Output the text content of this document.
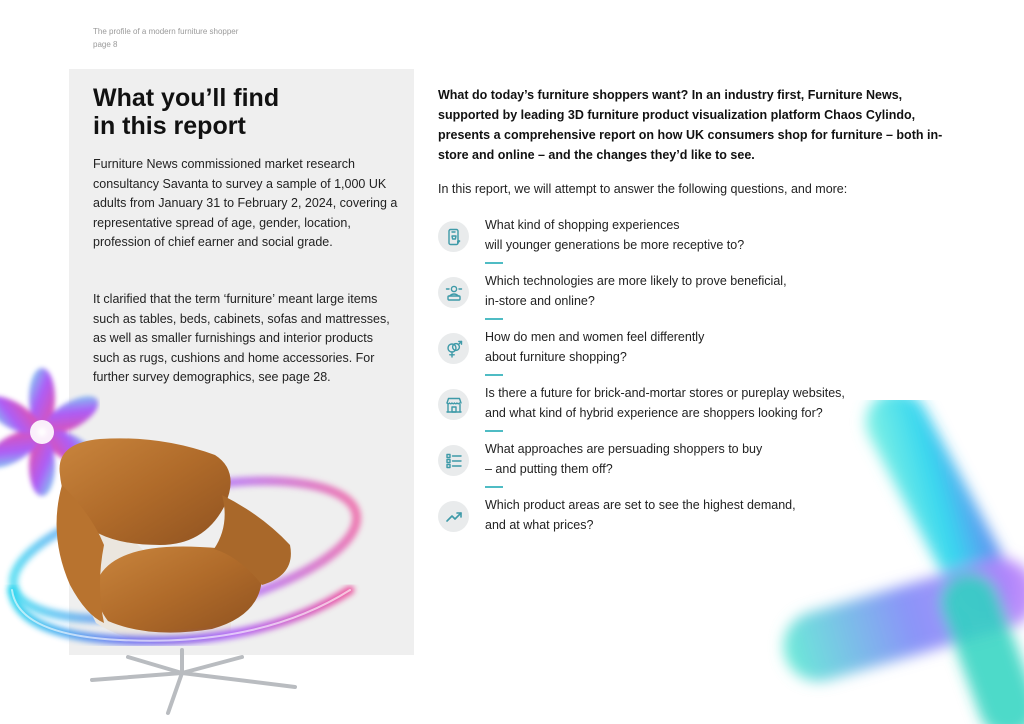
The profile of a modern furniture shopper
page 8
What you’ll find
in this report

Furniture News commissioned market research consultancy Savanta to survey a sample of 1,000 UK adults from January 31 to February 2, 2024, covering a representative spread of age, gender, location, profession of chief earner and social grade.

It clarified that the term ‘furniture’ meant large items such as tables, beds, cabinets, sofas and mattresses, as well as smaller furnishings and interior products such as rugs, cushions and home accessories. For further survey demographics, see page 28.

What do today’s furniture shoppers want? In an industry first, Furniture News, supported by leading 3D furniture product visualization platform Chaos Cylindo, presents a comprehensive report on how UK consumers shop for furniture – both in-store and online – and the changes they’d like to see.

In this report, we will attempt to answer the following questions, and more:

What kind of shopping experiences
will younger generations be more receptive to?

Which technologies are more likely to prove beneficial,
in-store and online?

How do men and women feel differently
about furniture shopping?

Is there a future for brick-and-mortar stores or pureplay websites,
and what kind of hybrid experience are shoppers looking for?

What approaches are persuading shoppers to buy
– and putting them off?

Which product areas are set to see the highest demand,
and at what prices?
